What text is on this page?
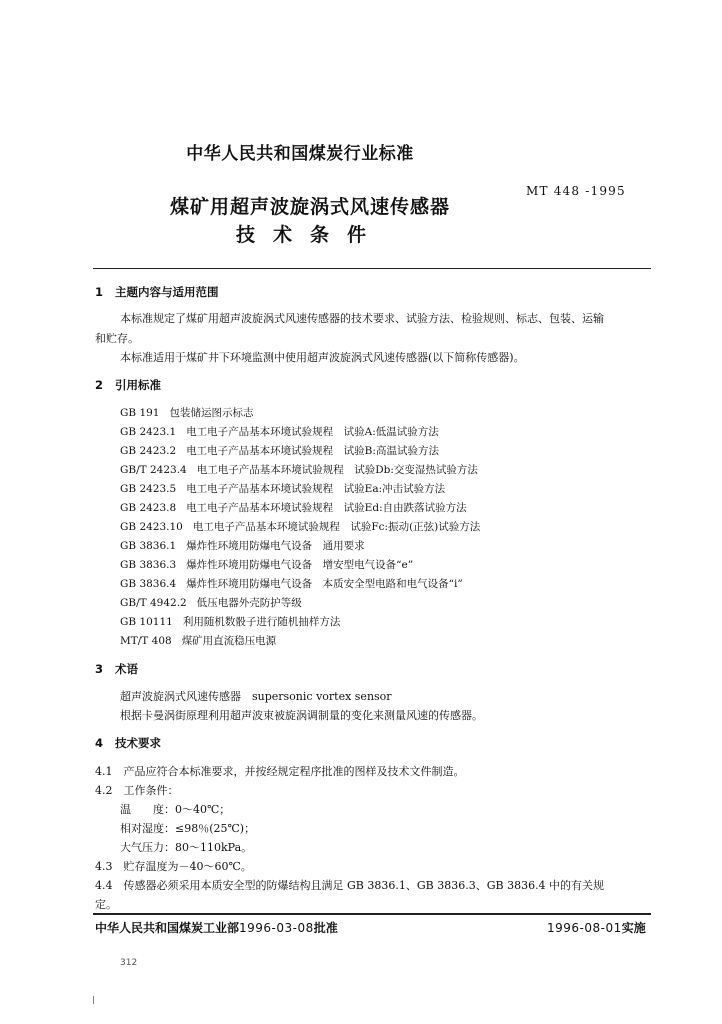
中华人民共和国煤炭行业标准
MT 448 -1995
煤矿用超声波旋涡式风速传感器
技术条件
1 主题内容与适用范围
本标准规定了煤矿用超声波旋涡式风速传感器的技术要求、试验方法、检验规则、标志、包装、运输
和贮存。
本标准适用于煤矿井下环境监测中使用超声波旋涡式风速传感器(以下简称传感器)。
2 引用标准
GB 191 包装储运图示标志
GB 2423.1 电工电子产品基本环境试验规程　试验A:低温试验方法
GB 2423.2 电工电子产品基本环境试验规程　试验B:高温试验方法
GB/T 2423.4 电工电子产品基本环境试验规程　试验Db:交变湿热试验方法
GB 2423.5 电工电子产品基本环境试验规程　试验Ea:冲击试验方法
GB 2423.8 电工电子产品基本环境试验规程　试验Ed:自由跌落试验方法
GB 2423.10 电工电子产品基本环境试验规程　试验Fc:振动(正弦)试验方法
GB 3836.1 爆炸性环境用防爆电气设备　通用要求
GB 3836.3 爆炸性环境用防爆电气设备　增安型电气设备“e”
GB 3836.4 爆炸性环境用防爆电气设备　本质安全型电路和电气设备“i”
GB/T 4942.2 低压电器外壳防护等级
GB 10111 利用随机数骰子进行随机抽样方法
MT/T 408 煤矿用直流稳压电源
3 术语
超声波旋涡式风速传感器　supersonic vortex sensor
根据卡曼涡街原理利用超声波束被旋涡调制量的变化来测量风速的传感器。
4 技术要求
4.1　产品应符合本标准要求，并按经规定程序批准的图样及技术文件制造。
4.2　工作条件：
温　　度：0～40℃；
相对湿度：≤98％(25℃)；
大气压力：80～110kPa。
4.3　贮存温度为－40～60℃。
4.4　传感器必须采用本质安全型的防爆结构且满足 GB 3836.1、GB 3836.3、GB 3836.4 中的有关规
定。
中华人民共和国煤炭工业部1996-03-08批准	1996-08-01实施
312
